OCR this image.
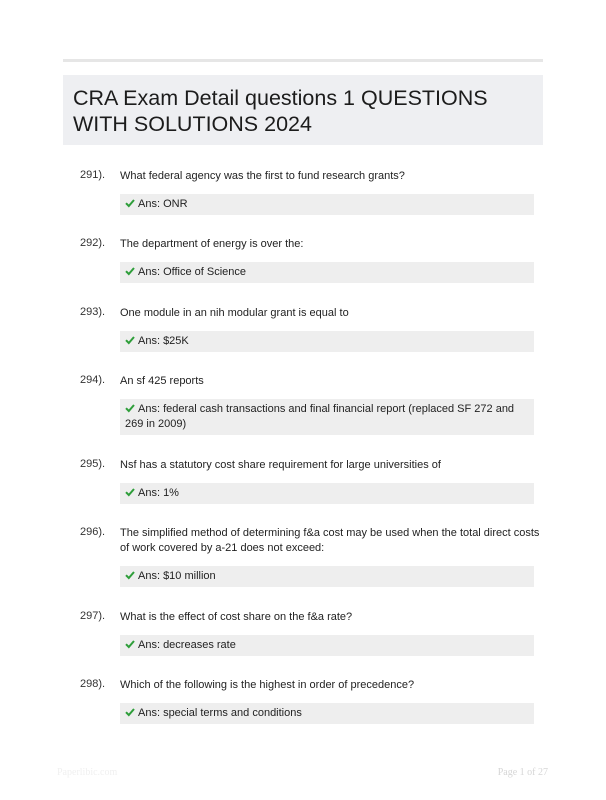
CRA Exam Detail questions 1 QUESTIONS WITH SOLUTIONS 2024
291). What federal agency was the first to fund research grants?
Ans: ONR
292). The department of energy is over the:
Ans: Office of Science
293). One module in an nih modular grant is equal to
Ans: $25K
294). An sf 425 reports
Ans: federal cash transactions and final financial report (replaced SF 272 and 269 in 2009)
295). Nsf has a statutory cost share requirement for large universities of
Ans: 1%
296). The simplified method of determining f&a cost may be used when the total direct costs of work covered by a-21 does not exceed:
Ans: $10 million
297). What is the effect of cost share on the f&a rate?
Ans: decreases rate
298). Which of the following is the highest in order of precedence?
Ans: special terms and conditions
Paperlibic.com	Page 1 of 27
